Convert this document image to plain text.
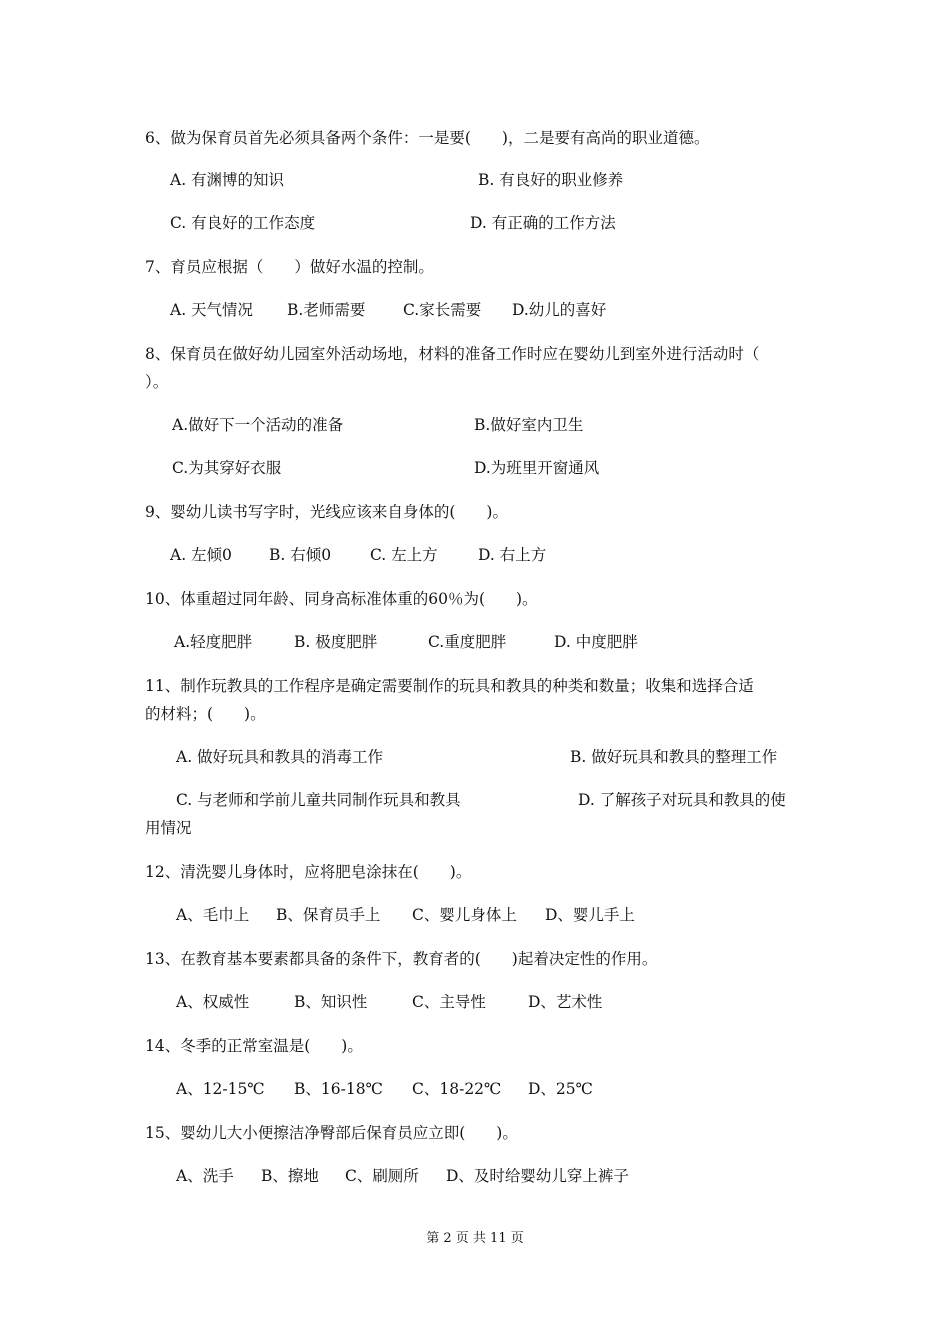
6、做为保育员首先必须具备两个条件：一是要(　　)，二是要有高尚的职业道德。
A. 有渊博的知识	B. 有良好的职业修养
C. 有良好的工作态度	D. 有正确的工作方法
7、育员应根据（　　）做好水温的控制。
A. 天气情况 B.老师需要 C.家长需要 D.幼儿的喜好
8、保育员在做好幼儿园室外活动场地，材料的准备工作时应在婴幼儿到室外进行活动时（
）。
A.做好下一个活动的准备	B.做好室内卫生
C.为其穿好衣服	D.为班里开窗通风
9、婴幼儿读书写字时，光线应该来自身体的(　　)。
A. 左倾0 B. 右倾0	C. 左上方	D. 右上方
10、体重超过同年龄、同身高标准体重的60％为(　　)。
A.轻度肥胖	B. 极度肥胖	C.重度肥胖	D. 中度肥胖
11、制作玩教具的工作程序是确定需要制作的玩具和教具的种类和数量；收集和选择合适
的材料；(　　)。
A. 做好玩具和教具的消毒工作	B. 做好玩具和教具的整理工作
C. 与老师和学前儿童共同制作玩具和教具	D. 了解孩子对玩具和教具的使
用情况
12、清洗婴儿身体时，应将肥皂涂抹在(　　)。
A、毛巾上 B、保育员手上 C、婴儿身体上 D、婴儿手上
13、在教育基本要素都具备的条件下，教育者的(　　)起着决定性的作用。
A、权威性	B、知识性	C、主导性	D、艺术性
14、冬季的正常室温是(　　)。
A、12-15℃ B、16-18℃ C、18-22℃ D、25℃
15、婴幼儿大小便擦洁净臀部后保育员应立即(　　)。
A、洗手 B、擦地 C、刷厕所 D、及时给婴幼儿穿上裤子
第 2 页 共 11 页
